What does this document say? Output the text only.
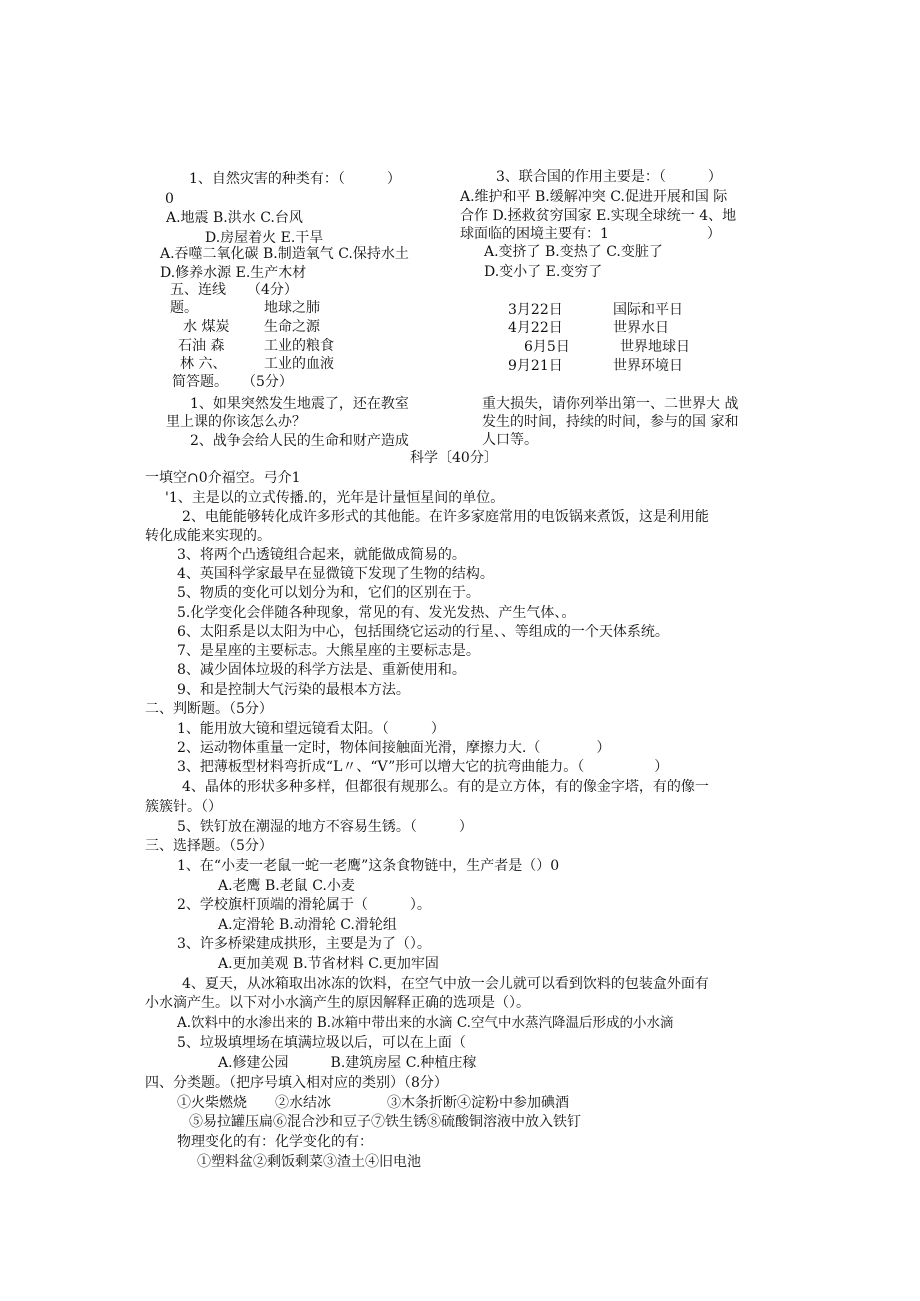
1、自然灾害的种类有：（　　　）
0
A.地震 B.洪水 C.台风
D.房屋着火 E.干旱
A.吞噬二氧化碳 B.制造氧气 C.保持水土
D.修养水源 E.生产木材
五、连线　　（4分）
题。
水 煤炭
石油 森
林 六、
地球之肺
生命之源
工业的粮食
工业的血液
简答题。　　（5分）
1、如果突然发生地震了，还在教室
里上课的你该怎么办？
2、战争会给人民的生命和财产造成
3、联合国的作用主要是：（　　　）
A.维护和平 B.缓解冲突 C.促进开展和国 际
合作 D.拯救贫穷国家 E.实现全球统一 4、地
球面临的困境主要有：1　　　　　　　）
A.变挤了 B.变热了 C.变脏了
D.变小了 E.变穷了
3月22日
4月22日
6月5日
9月21日
国际和平日
世界水日
世界地球日
世界环境日
重大损失，请你列举出第一、二世界大 战
发生的时间，持续的时间，参与的国 家和
人口等。
科学〔40分〕
一填空∩0介福空。弓介1
'1、主是以的立式传播.的，光年是计量恒星间的单位。
2、电能能够转化成许多形式的其他能。在许多家庭常用的电饭锅来煮饭，这是利用能
转化成能来实现的。
3、将两个凸透镜组合起来，就能做成简易的。
4、英国科学家最早在显微镜下发现了生物的结构。
5、物质的变化可以划分为和，它们的区别在于。
5.化学变化会伴随各种现象，常见的有、发光发热、产生气体、。
6、太阳系是以太阳为中心，包括围绕它运动的行星、、等组成的一个天体系统。
7、是星座的主要标志。大熊星座的主要标志是。
8、减少固体垃圾的科学方法是、重新使用和。
9、和是控制大气污染的最根本方法。
二、判断题。（5分）
1、能用放大镜和望远镜看太阳。（　　　）
2、运动物体重量一定时，物体间接触面光滑，摩擦力大.（　　　　）
3、把薄板型材料弯折成“L〃、“V”形可以增大它的抗弯曲能力。（　　　　　）
4、晶体的形状多种多样，但都很有规那么。有的是立方体，有的像金字塔，有的像一
簇簇针。（）
5、铁钉放在潮湿的地方不容易生锈。（　　　）
三、选择题。（5分）
1、在“小麦一老鼠一蛇一老鹰”这条食物链中，生产者是（）0
A.老鹰 B.老鼠 C.小麦
2、学校旗杆顶端的滑轮属于（　　　）。
A.定滑轮 B.动滑轮 C.滑轮组
3、许多桥梁建成拱形，主要是为了（）。
A.更加美观 B.节省材料 C.更加牢固
4、夏天，从冰箱取出冰冻的饮料，在空气中放一会儿就可以看到饮料的包装盒外面有
小水滴产生。以下对小水滴产生的原因解释正确的选项是（）。
A.饮料中的水渗出来的 B.冰箱中带出来的水滴 C.空气中水蒸汽降温后形成的小水滴
5、垃圾填埋场在填满垃圾以后，可以在上面（
A.修建公园　　　B.建筑房屋 C.种植庄稼
四、分类题。（把序号填入相对应的类别）（8分）
①火柴燃烧　　②水结冰　　　　③木条折断④淀粉中参加碘酒
⑤易拉罐压扁⑥混合沙和豆子⑦铁生锈⑧硫酸铜溶液中放入铁钉
物理变化的有：化学变化的有：
①塑料盆②剩饭剩菜③渣土④旧电池
